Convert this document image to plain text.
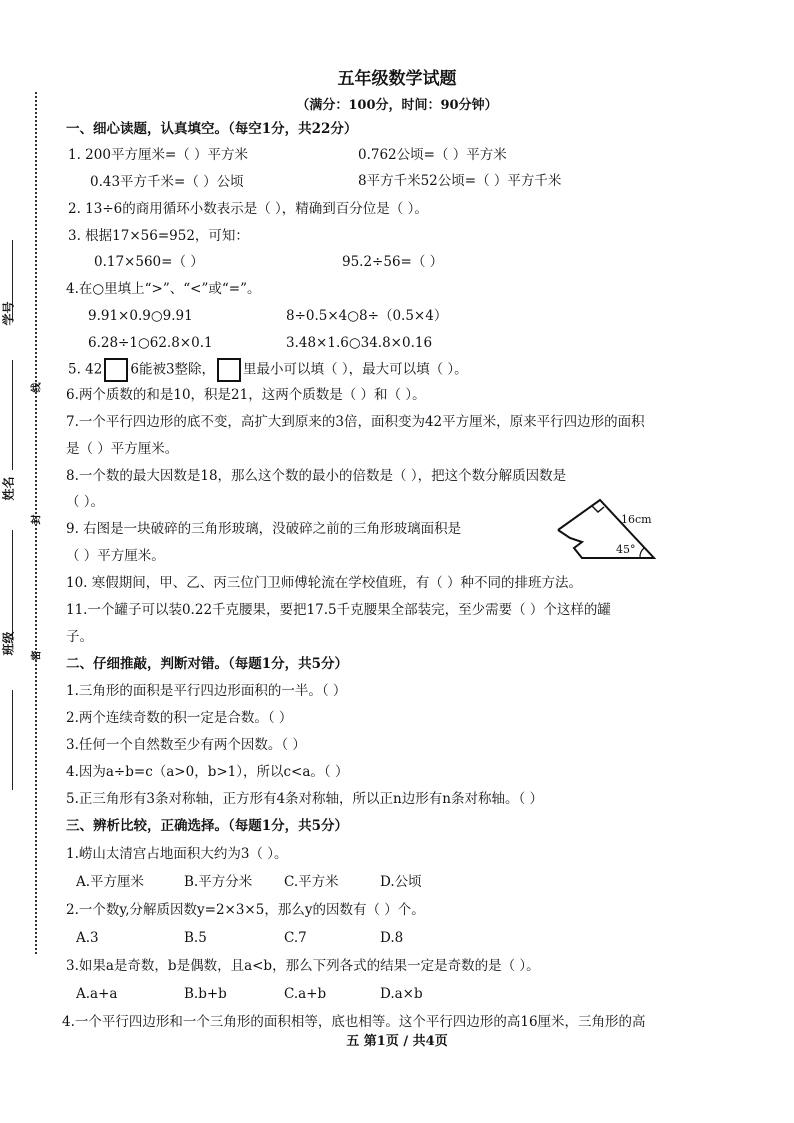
学号
姓名
班级
线
封
密
五年级数学试题
（满分：100分，时间：90分钟）
一、细心读题，认真填空。（每空1分，共22分）
1. 200平方厘米=（ ）平方米	0.762公顷=（ ）平方米
0.43平方千米=（ ）公顷	8平方千米52公顷=（ ）平方千米
2. 13÷6的商用循环小数表示是（ ），精确到百分位是（ ）。
3. 根据17×56=952，可知：
0.17×560=（ ）	95.2÷56=（ ）
4.在○里填上“>”、“<”或“=”。
9.91×0.9○9.91	8÷0.5×4○8÷（0.5×4）
6.28÷1○62.8×0.1	3.48×1.6○34.8×0.16
5. 42 6能被3整除， 里最小可以填（ ），最大可以填（ ）。
6.两个质数的和是10，积是21，这两个质数是（ ）和（ ）。
7.一个平行四边形的底不变，高扩大到原来的3倍，面积变为42平方厘米，原来平行四边形的面积
是（ ）平方厘米。
8.一个数的最大因数是18，那么这个数的最小的倍数是（ ），把这个数分解质因数是
（ ）。
9. 右图是一块破碎的三角形玻璃，没破碎之前的三角形玻璃面积是
（ ）平方厘米。
16cm
45°
10. 寒假期间，甲、乙、丙三位门卫师傅轮流在学校值班，有（ ）种不同的排班方法。
11.一个罐子可以装0.22千克腰果，要把17.5千克腰果全部装完，至少需要（ ）个这样的罐
子。
二、仔细推敲，判断对错。（每题1分，共5分）
1.三角形的面积是平行四边形面积的一半。（ ）
2.两个连续奇数的积一定是合数。（ ）
3.任何一个自然数至少有两个因数。（ ）
4.因为a÷b=c（a>0，b>1），所以c<a。（ ）
5.正三角形有3条对称轴，正方形有4条对称轴，所以正n边形有n条对称轴。（ ）
三、辨析比较，正确选择。（每题1分，共5分）
1.崂山太清宫占地面积大约为3（ ）。
A.平方厘米	B.平方分米 C.平方米	D.公顷
2.一个数y,分解质因数y=2×3×5，那么y的因数有（ ）个。
A.3	B.5	C.7	D.8
3.如果a是奇数，b是偶数，且a<b，那么下列各式的结果一定是奇数的是（ ）。
A.a+a	B.b+b	C.a+b	D.a×b
4.一个平行四边形和一个三角形的面积相等，底也相等。这个平行四边形的高16厘米，三角形的高
五 第1页 / 共4页
